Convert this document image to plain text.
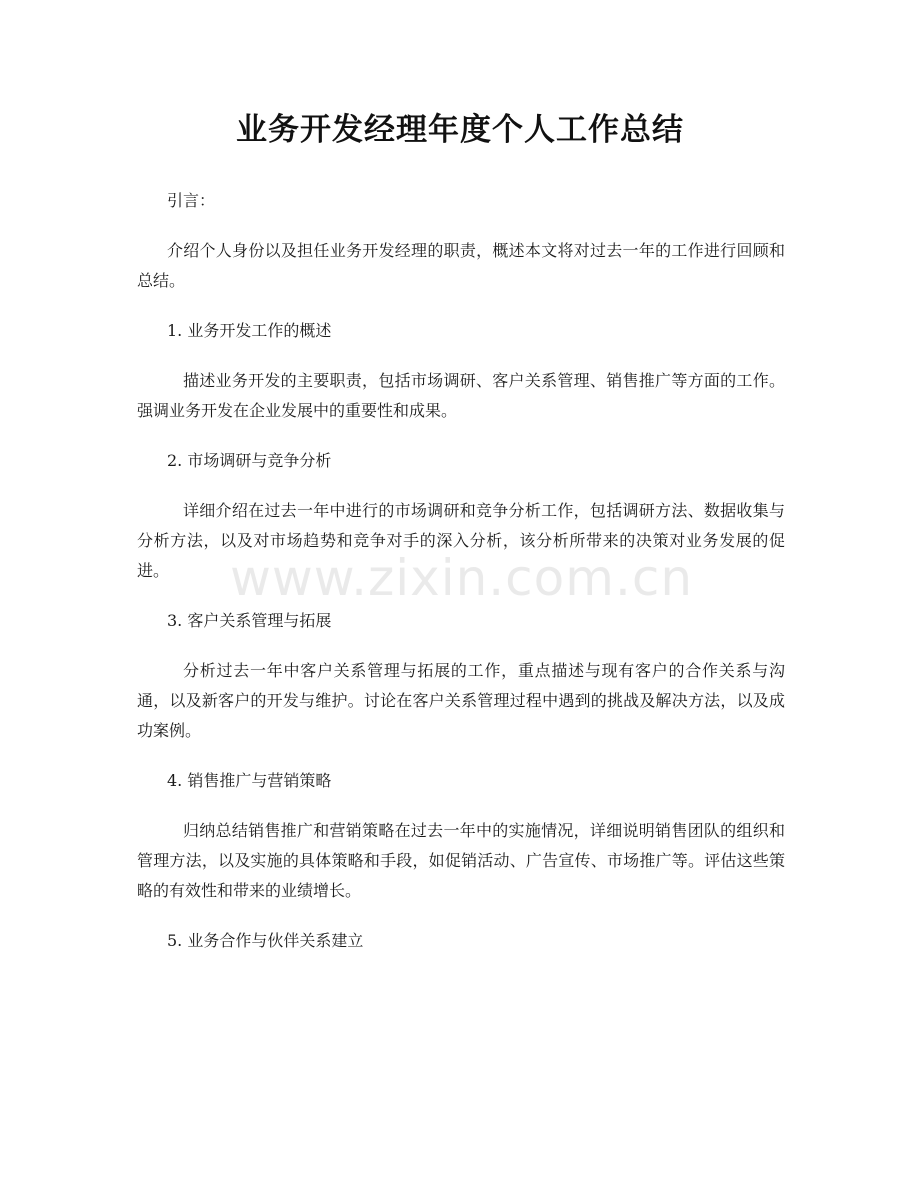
业务开发经理年度个人工作总结

引言：

介绍个人身份以及担任业务开发经理的职责，概述本文将对过去一年的工作进行回顾和总结。

1. 业务开发工作的概述

描述业务开发的主要职责，包括市场调研、客户关系管理、销售推广等方面的工作。强调业务开发在企业发展中的重要性和成果。

2. 市场调研与竞争分析

详细介绍在过去一年中进行的市场调研和竞争分析工作，包括调研方法、数据收集与分析方法，以及对市场趋势和竞争对手的深入分析，该分析所带来的决策对业务发展的促进。

3. 客户关系管理与拓展

分析过去一年中客户关系管理与拓展的工作，重点描述与现有客户的合作关系与沟通，以及新客户的开发与维护。讨论在客户关系管理过程中遇到的挑战及解决方法，以及成功案例。

4. 销售推广与营销策略

归纳总结销售推广和营销策略在过去一年中的实施情况，详细说明销售团队的组织和管理方法，以及实施的具体策略和手段，如促销活动、广告宣传、市场推广等。评估这些策略的有效性和带来的业绩增长。

5. 业务合作与伙伴关系建立

www.zixin.com.cn
